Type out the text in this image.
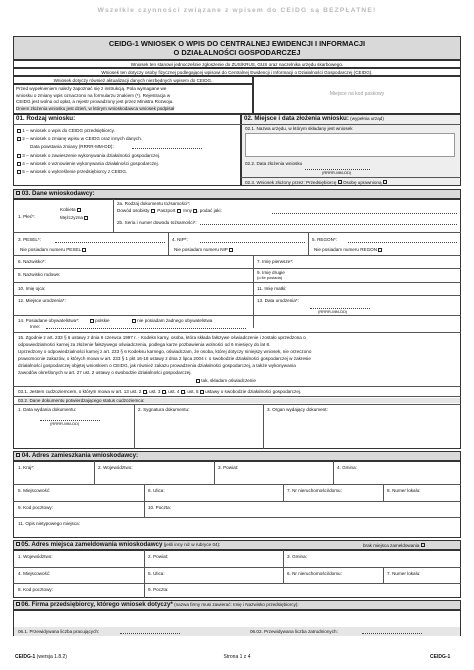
Wszelkie czynności związane z wpisem do CEIDG są BEZPŁATNE!
CEIDG-1 WNIOSEK O WPIS DO CENTRALNEJ EWIDENCJI I INFORMACJI
O DZIAŁALNOŚCI GOSPODARCZEJ
Wniosek ten stanowi jednocześnie zgłoszenie do ZUS/KRUS, GUS oraz naczelnika urzędu skarbowego.
Wniosek ten dotyczy osoby fizycznej podlegającej wpisowi do Centralnej Ewidencji i Informacji o Działalności Gospodarczej (CEIDG).
Wniosek dotyczy również aktualizacji danych niezbędnych wpisem do CEIDG.
Przed wypełnieniem należy zapoznać się z instrukcją. Pola wymagane we
wniosku o zmiany wpis oznaczono na formularzu znakiem (*). Rejestracja w
CEIDG jest wolna od opłat, a rejestr prowadzony jest przez Ministra Rozwoju.
Dniem złożenia wniosku jest dzień, w którym wnioskodawca wniosek podpisał
Miejsce na kod paskowy
01. Rodzaj wniosku:
1 – wniosek o wpis do CEIDG przedsiębiorcy.
2 – wniosek o zmianę wpisu w CEIDG oraz innych danych.
Data powstania zmiany (RRRR-MM-DD):
3 – wniosek o zawieszenie wykonywania działalności gospodarczej.
4 – wniosek o wznowienie wykonywania działalności gospodarczej.
5 – wniosek o wykreślenie przedsiębiorcy z CEIDG.
02. Miejsce i data złożenia wniosku: (wypełnia urząd)
02.1. Nazwa urzędu, w którym składany jest wniosek
02.2. Data złożenia wniosku
(RRRR-MM-DD)
02.3. Wniosek złożony przez: Przedsiębiorcę Osobę uprawnioną
03. Dane wnioskodawcy:
1. Płeć*:
Kobieta
Mężczyzna
2a. Rodzaj dokumentu tożsamości*:
Dowód osobisty Paszport Inny , podać jaki:
2b. Seria i numer dowodu tożsamości*:
3. PESEL*:
Nie posiadam numeru PESEL
4. NIP*:
Nie posiadam numeru NIP
5. REGON*:
Nie posiadam numeru REGON
6. Nazwisko*:	7. Imię pierwsze*:
8. Nazwisko rodowe:	9. Imię drugie
(o ile posiada)
10. Imię ojca:	11. Imię matki:
12. Miejsce urodzenia*:	13. Data urodzenia*:
(RRRR-MM-DD)
14. Posiadane obywatelstwa*:	polskie	nie posiadam żadnego obywatelstwa
Inne:
15. Zgodnie z art. 233 § 6 ustawy z dnia 6 czerwca 1997 r. - Kodeks karny, osoba, która składa fałszywe oświadczenie i zostało uprzedzona o
odpowiedzialności karnej za złożenie fałszywego oświadczenia, podlega karze pozbawienia wolności od 6 miesięcy do lat 8.
Uprzedzony o odpowiedzialności karnej z art. 233 § 6 Kodeksu karnego, oświadczam, że osoba, której dotyczy niniejszy wniosek, nie orzeczono
prawomocnie zakazów, o których mowa w art. 233 § 1 pkt 16-18 ustawy z dnia 2 lipca 2004 r. o swobodzie działalności gospodarczej w zakresie
działalności gospodarczej objętej wnioskiem o CEIDG, jak również zakazu prowadzenia działalności gospodarczej, a także wykonywania
zawodów określonych w art. 27 ust. 2 ustawy o swobodzie działalności gospodarczej.
tak, składam oświadczenie
03.1. Jestem cudzoziemcem, o którym mowa w art. 13 ust. 2 , ust. 3 , ust. 4 , ust. 5 ustawy o swobodzie działalności gospodarczej.
03.2. Dane dokumentu potwierdzającego status cudzoziemca:
1. Data wydania dokumentu:
(RRRR-MM-DD)
2. Sygnatura dokumentu:	3. Organ wydający dokument:
04. Adres zamieszkania wnioskodawcy:
1. Kraj*:	2. Województwo:	3. Powiat:	4. Gmina:
5. Miejscowość:	6. Ulica:	7. Nr nieruchomości/domu:	8. Numer lokalu:
9. Kod pocztowy:	10. Poczta:
11. Opis nietypowego miejsca:
05. Adres miejsca zameldowania wnioskodawcy (jeśli inny niż w rubryce 04):	brak miejsca zameldowania
1. Województwo:	2. Powiat:	3. Gmina:
4. Miejscowość:	5. Ulica:	6. Nr nieruchomości/domu:	7. Numer lokalu:
8. Kod pocztowy:	9. Poczta:
06. Firma przedsiębiorcy, którego wniosek dotyczy* (nazwa firmy musi zawierać: Imię i Nazwisko przedsiębiorcy):
06.1. Przewidywana liczba pracujących:	06.02. Przewidywana liczba zatrudnionych:
CEIDG-1 (wersja 1.8.2)	Strona 1 z 4	CEIDG-1
